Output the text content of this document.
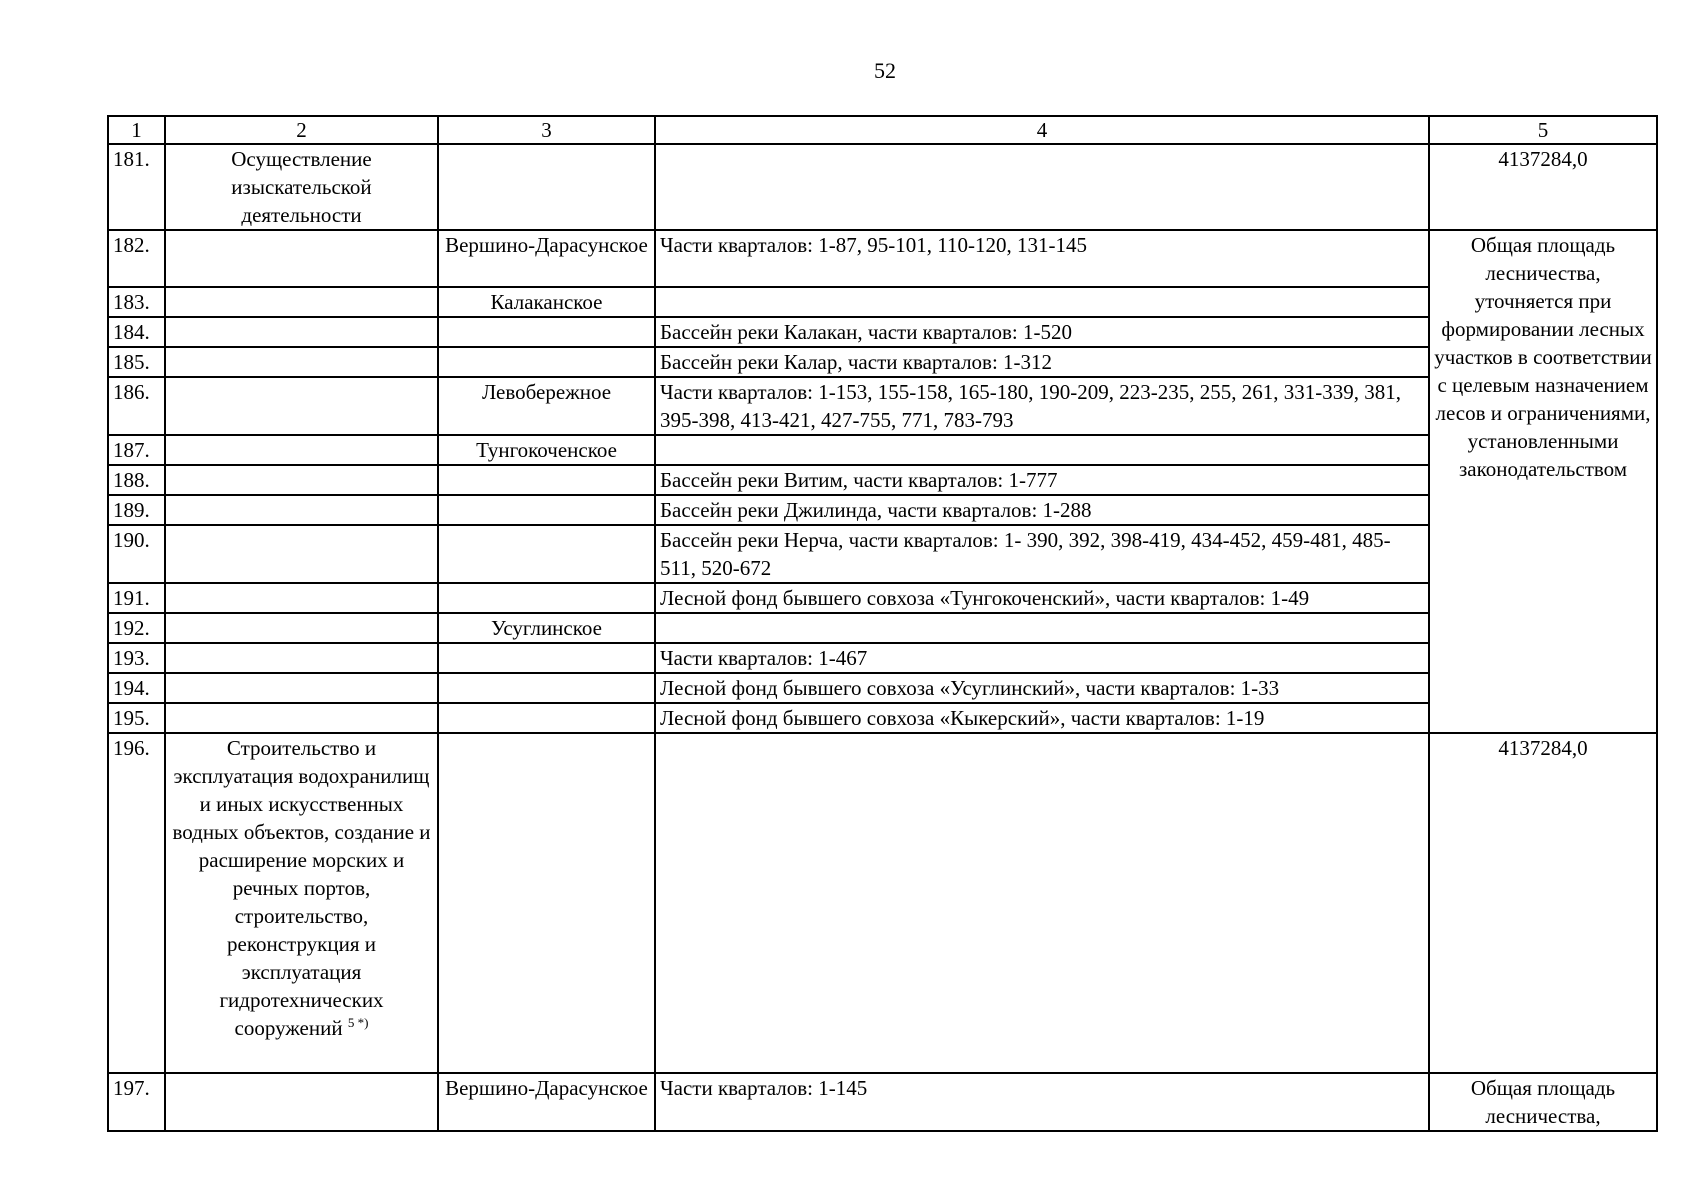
52
1	2	3	4	5
181.	Осуществление изыскательской деятельности			4137284,0
182.		Вершино-Дарасунское	Части кварталов: 1-87, 95-101, 110-120, 131-145	Общая площадь лесничества, уточняется при формировании лесных участков в соответствии с целевым назначением лесов и ограничениями, установленными законодательством
183.		Калаканское		
184.			Бассейн реки Калакан, части кварталов: 1-520	
185.			Бассейн реки Калар, части кварталов: 1-312	
186.		Левобережное	Части кварталов: 1-153, 155-158, 165-180, 190-209, 223-235, 255, 261, 331-339, 381, 395-398, 413-421, 427-755, 771, 783-793	
187.		Тунгокоченское		
188.			Бассейн реки Витим, части кварталов: 1-777	
189.			Бассейн реки Джилинда, части кварталов: 1-288	
190.			Бассейн реки Нерча, части кварталов: 1- 390, 392, 398-419, 434-452, 459-481, 485-511, 520-672	
191.			Лесной фонд бывшего совхоза «Тунгокоченский», части кварталов: 1-49	
192.		Усуглинское		
193.			Части кварталов: 1-467	
194.			Лесной фонд бывшего совхоза «Усуглинский», части кварталов: 1-33	
195.			Лесной фонд бывшего совхоза «Кыкерский», части кварталов: 1-19	
196.	Строительство и эксплуатация водохранилищ и иных искусственных водных объектов, создание и расширение морских и речных портов, строительство, реконструкция и эксплуатация гидротехнических сооружений $^{5 *)}$			4137284,0
197.		Вершино-Дарасунское	Части кварталов: 1-145	Общая площадь лесничества,
